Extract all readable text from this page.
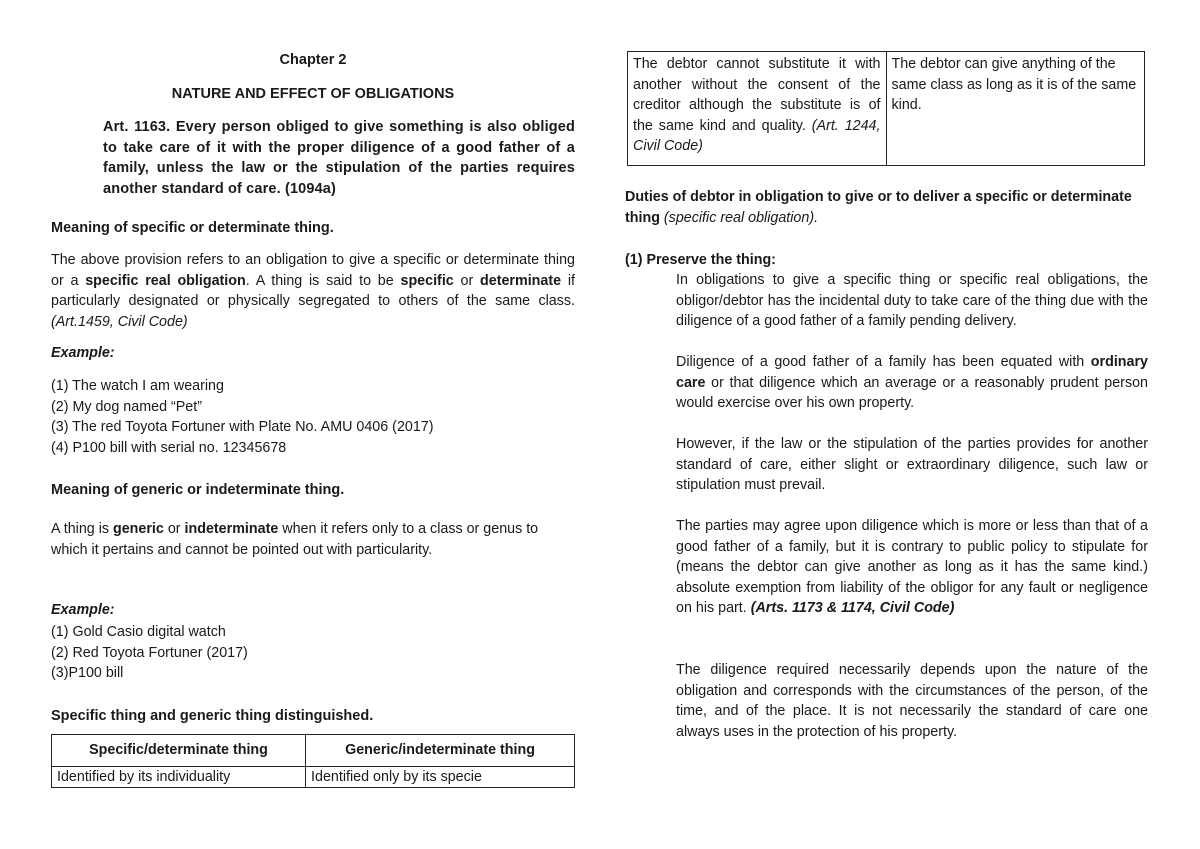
Chapter 2

NATURE AND EFFECT OF OBLIGATIONS

Art. 1163. Every person obliged to give something is also obliged to take care of it with the proper diligence of a good father of a family, unless the law or the stipulation of the parties requires another standard of care. (1094a)

Meaning of specific or determinate thing.

The above provision refers to an obligation to give a specific or determinate thing or a specific real obligation. A thing is said to be specific or determinate if particularly designated or physically segregated to others of the same class. (Art.1459, Civil Code)

Example:

(1) The watch I am wearing
(2) My dog named “Pet”
(3) The red Toyota Fortuner with Plate No. AMU 0406 (2017)
(4) P100 bill with serial no. 12345678

Meaning of generic or indeterminate thing.

A thing is generic or indeterminate when it refers only to a class or genus to
which it pertains and cannot be pointed out with particularity.

Example:

(1) Gold Casio digital watch
(2) Red Toyota Fortuner (2017)
(3)P100 bill

Specific thing and generic thing distinguished.

Specific/determinate thing	Generic/indeterminate thing
Identified by its individuality	Identified only by its specie
The debtor cannot substitute it with another without the consent of the creditor although the substitute is of the same kind and quality. (Art. 1244, Civil Code)	The debtor can give anything of the same class as long as it is of the same kind.

Duties of debtor in obligation to give or to deliver a specific or determinate thing (specific real obligation).

(1) Preserve the thing:

In obligations to give a specific thing or specific real obligations, the obligor/debtor has the incidental duty to take care of the thing due with the diligence of a good father of a family pending delivery.

Diligence of a good father of a family has been equated with ordinary care or that diligence which an average or a reasonably prudent person would exercise over his own property.

However, if the law or the stipulation of the parties provides for another standard of care, either slight or extraordinary diligence, such law or stipulation must prevail.

The parties may agree upon diligence which is more or less than that of a good father of a family, but it is contrary to public policy to stipulate for (means the debtor can give another as long as it has the same kind.) absolute exemption from liability of the obligor for any fault or negligence on his part. (Arts. 1173 & 1174, Civil Code)

The diligence required necessarily depends upon the nature of the obligation and corresponds with the circumstances of the person, of the time, and of the place. It is not necessarily the standard of care one always uses in the protection of his property.
